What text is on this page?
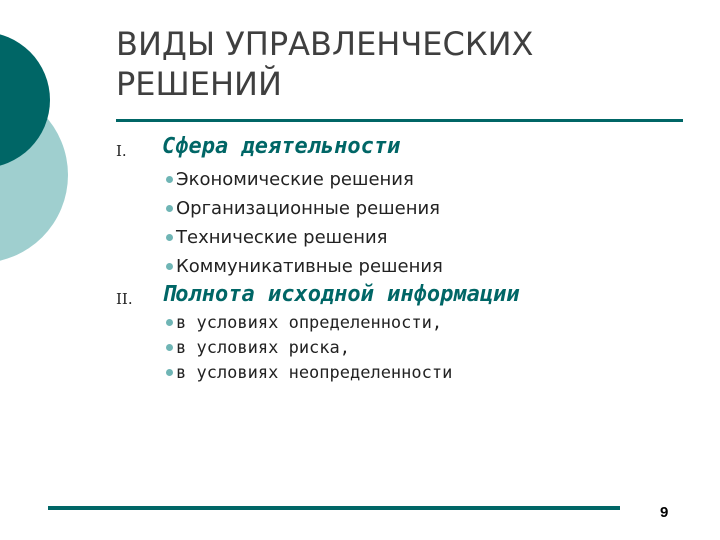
ВИДЫ УПРАВЛЕНЧЕСКИХ РЕШЕНИЙ
I. Сфера деятельности
Экономические решения
Организационные решения
Технические решения
Коммуникативные решения
II. Полнота исходной информации
в условиях определенности,
в условиях риска,
в условиях неопределенности
9
